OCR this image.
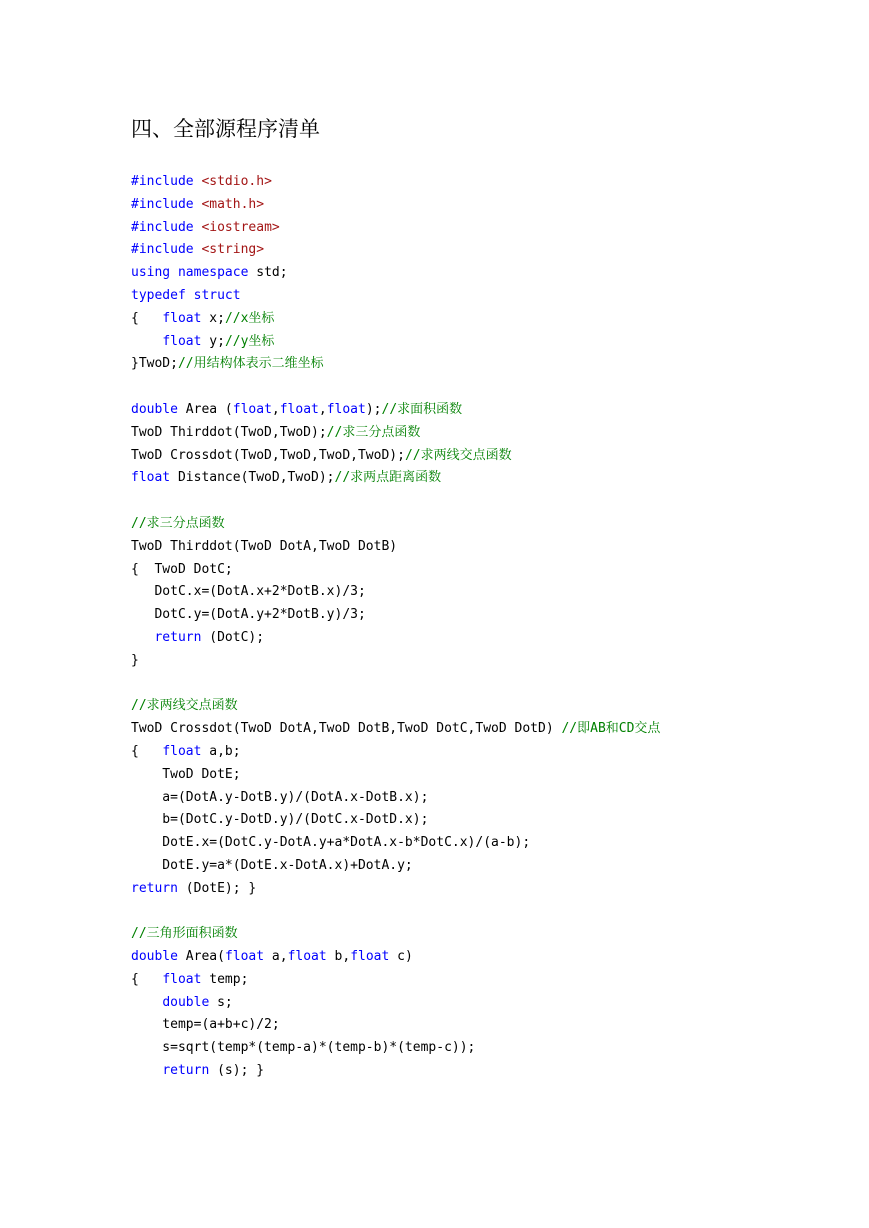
四、全部源程序清单
#include <stdio.h>
#include <math.h>
#include <iostream>
#include <string>
using namespace std;
typedef struct
{   float x;//x坐标
float y;//y坐标
}TwoD;//用结构体表示二维坐标
double Area (float,float,float);//求面积函数
TwoD Thirddot(TwoD,TwoD);//求三分点函数
TwoD Crossdot(TwoD,TwoD,TwoD,TwoD);//求两线交点函数
float Distance(TwoD,TwoD);//求两点距离函数
//求三分点函数
TwoD Thirddot(TwoD DotA,TwoD DotB)
{  TwoD DotC;
DotC.x=(DotA.x+2*DotB.x)/3;
DotC.y=(DotA.y+2*DotB.y)/3;
return (DotC);
}
//求两线交点函数
TwoD Crossdot(TwoD DotA,TwoD DotB,TwoD DotC,TwoD DotD) //即AB和CD交点
{   float a,b;
TwoD DotE;
a=(DotA.y-DotB.y)/(DotA.x-DotB.x);
b=(DotC.y-DotD.y)/(DotC.x-DotD.x);
DotE.x=(DotC.y-DotA.y+a*DotA.x-b*DotC.x)/(a-b);
DotE.y=a*(DotE.x-DotA.x)+DotA.y;
return (DotE); }
//三角形面积函数
double Area(float a,float b,float c)
{   float temp;
double s;
temp=(a+b+c)/2;
s=sqrt(temp*(temp-a)*(temp-b)*(temp-c));
return (s); }
